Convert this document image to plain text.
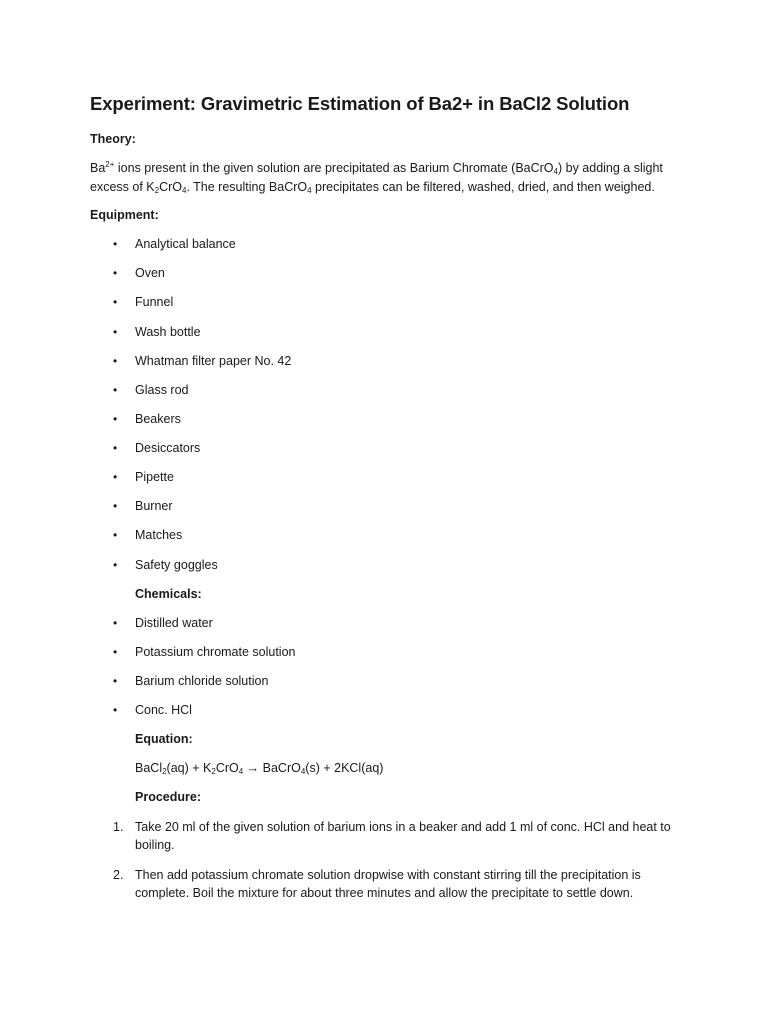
Experiment: Gravimetric Estimation of Ba2+ in BaCl2 Solution
Theory:
$Ba^{2+}$ ions present in the given solution are precipitated as Barium Chromate (BaCrO$_4$) by adding a slight
excess of $K_2CrO_4$. The resulting BaCrO$_4$ precipitates can be filtered, washed, dried, and then weighed.
Equipment:
•	Analytical balance
•	Oven
•	Funnel
•	Wash bottle
•	Whatman filter paper No. 42
•	Glass rod
•	Beakers
•	Desiccators
•	Pipette
•	Burner
•	Matches
•	Safety goggles
Chemicals:
•	Distilled water
•	Potassium chromate solution
•	Barium chloride solution
•	Conc. HCl
Equation:
BaCl$_2$(aq) + $K_2CrO_4$ → BaCrO$_4$(s) + 2KCl(aq)
Procedure:
1. Take 20 ml of the given solution of barium ions in a beaker and add 1 ml of conc. HCl and heat to
boiling.
2. Then add potassium chromate solution dropwise with constant stirring till the precipitation is
complete. Boil the mixture for about three minutes and allow the precipitate to settle down.
